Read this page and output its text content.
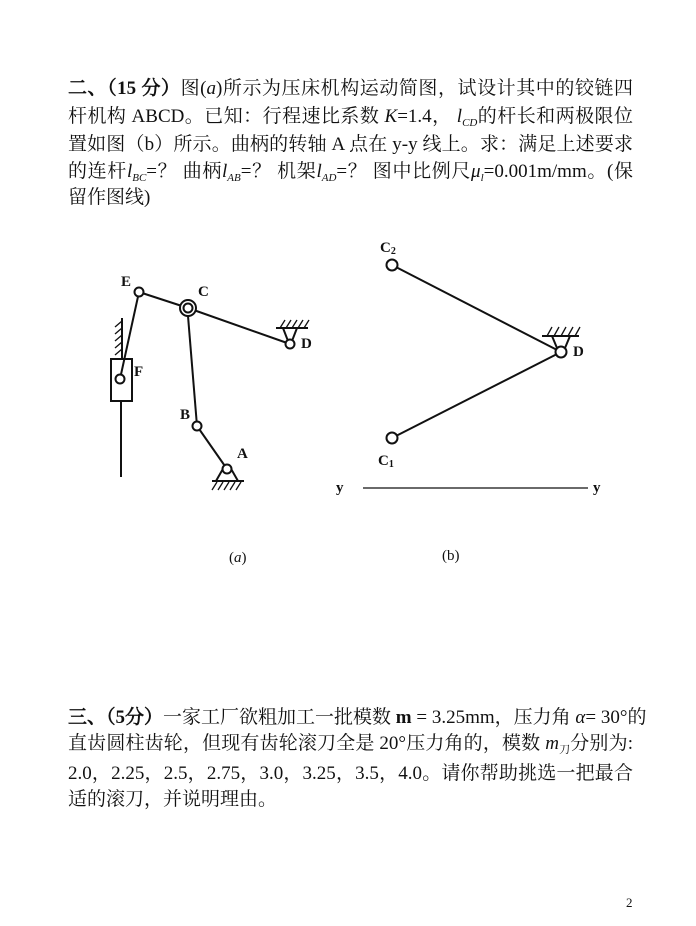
二、（15 分）图(a)所示为压床机构运动简图，试设计其中的铰链四
杆机构 ABCD。已知：行程速比系数 K=1.4， $l_{CD}$的杆长和两极限位
置如图（b）所示。曲柄的转轴 A 点在 y-y 线上。求：满足上述要求
的连杆$l_{BC}=$？ 曲柄$l_{AB}=$？ 机架$l_{AD}=$？ 图中比例尺$\mu_l=0.001m/mm$。(保
留作图线)
E
C
D
F
B
A
C2
C1
D
y	y
(a)	(b)
三、（5分）一家工厂欲粗加工一批模数 m = 3.25mm，压力角 α= 30°的
直齿圆柱齿轮，但现有齿轮滚刀全是 20°压力角的，模数 $m_刀$分别为:
2.0，2.25，2.5，2.75，3.0，3.25，3.5，4.0。请你帮助挑选一把最合
适的滚刀，并说明理由。
2
